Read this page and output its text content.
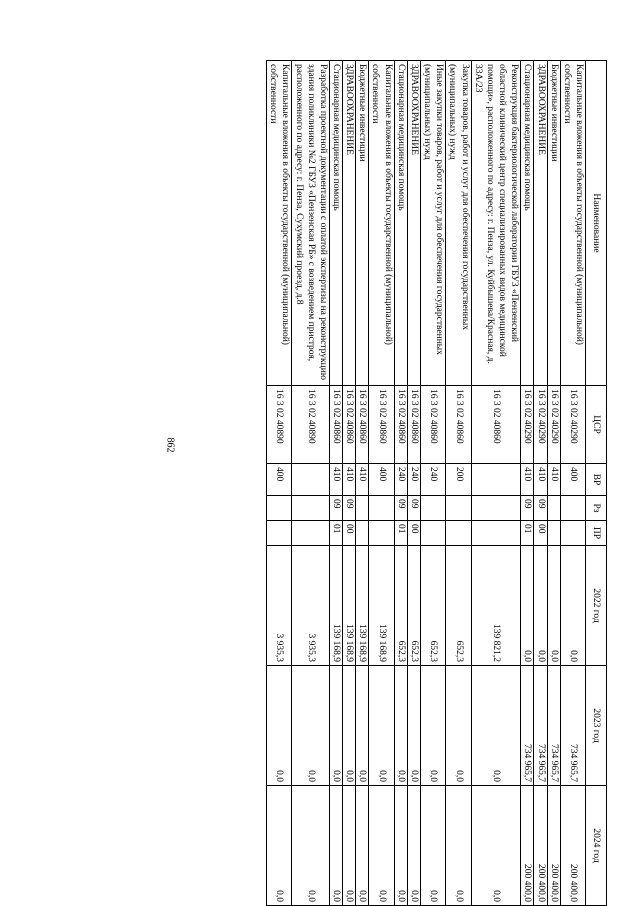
862
Наименование	ЦСР	ВР	Рз	ПР	2022 год	2023 год	2024 год
Капитальные вложения в объекты государственной (муниципальной) собственности	16 3 02 40290	400			0,0	734 965,7	200 400,0
Бюджетные инвестиции	16 3 02 40290	410			0,0	734 965,7	200 400,0
ЗДРАВООХРАНЕНИЕ	16 3 02 40290	410	09	00	0,0	734 965,7	200 400,0
Стационарная медицинская помощь	16 3 02 40290	410	09	01	0,0	734 965,7	200 400,0
Реконструкция бактериологической лаборатории ГБУЗ «Пензенский областной клинический центр специализированных видов медицинской помощи», расположенного по адресу: г. Пенза, ул. Куйбышева/Красная, д. 33А/23	16 3 02 40860				139 821,2	0,0	0,0
Закупка товаров, работ и услуг для обеспечения государственных (муниципальных) нужд	16 3 02 40860	200			652,3	0,0	0,0
Иные закупки товаров, работ и услуг для обеспечения государственных (муниципальных) нужд	16 3 02 40860	240			652,3	0,0	0,0
ЗДРАВООХРАНЕНИЕ	16 3 02 40860	240	09	00	652,3	0,0	0,0
Стационарная медицинская помощь	16 3 02 40860	240	09	01	652,3	0,0	0,0
Капитальные вложения в объекты государственной (муниципальной) собственности	16 3 02 40860	400			139 168,9	0,0	0,0
Бюджетные инвестиции	16 3 02 40860	410			139 168,9	0,0	0,0
ЗДРАВООХРАНЕНИЕ	16 3 02 40860	410	09	00	139 168,9	0,0	0,0
Стационарная медицинская помощь	16 3 02 40860	410	09	01	139 168,9	0,0	0,0
Разработка проектной документации с оплатой экспертизы на реконструкцию здания поликлиники №2 ГБУЗ «Пензенская РБ» с возведением пристроя, расположенного по адресу: г. Пенза, Сухумский проезд, д.8	16 3 02 40890				3 935,3	0,0	0,0
Капитальные вложения в объекты государственной (муниципальной) собственности	16 3 02 40890	400			3 935,3	0,0	0,0
